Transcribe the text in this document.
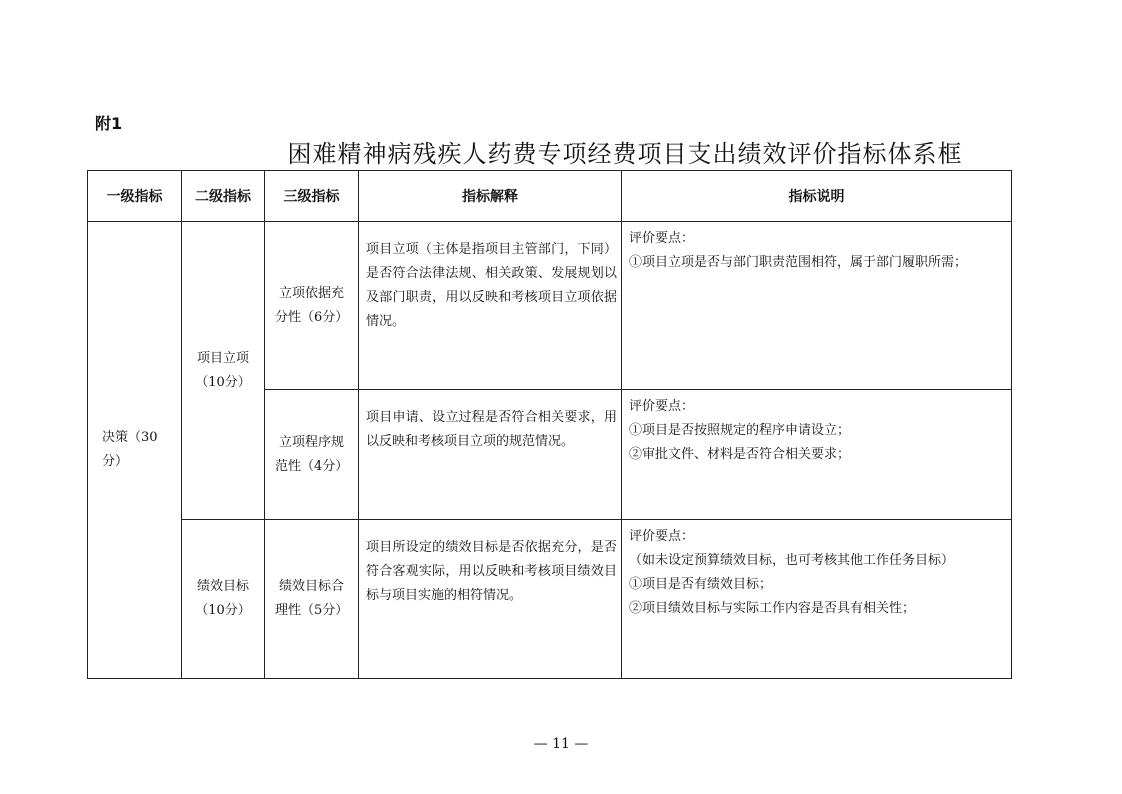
附1
困难精神病残疾人药费专项经费项目支出绩效评价指标体系框
一级指标	二级指标	三级指标	指标解释	指标说明
决策（30分）	项目立项（10分）	立项依据充分性（6分）	项目立项（主体是指项目主管部门，下同）是否符合法律法规、相关政策、发展规划以及部门职责，用以反映和考核项目立项依据情况。	评价要点：
①项目立项是否与部门职责范围相符，属于部门履职所需；

		立项程序规范性（4分）	项目申请、设立过程是否符合相关要求，用以反映和考核项目立项的规范情况。	评价要点：
①项目是否按照规定的程序申请设立；
②审批文件、材料是否符合相关要求；

	绩效目标（10分）	绩效目标合理性（5分）	项目所设定的绩效目标是否依据充分，是否符合客观实际，用以反映和考核项目绩效目标与项目实施的相符情况。	评价要点：
（如未设定预算绩效目标，也可考核其他工作任务目标）
①项目是否有绩效目标；
②项目绩效目标与实际工作内容是否具有相关性；
— 11 —
